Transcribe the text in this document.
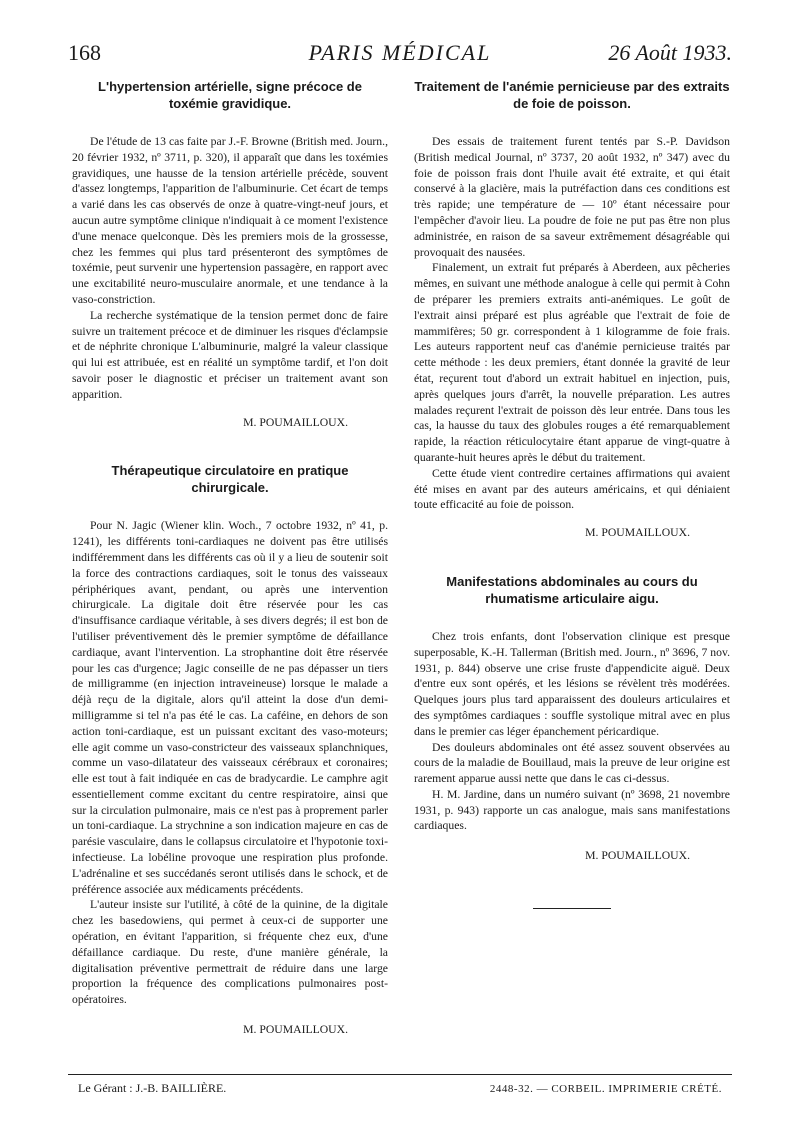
168	PARIS MÉDICAL	26 Août 1933.
L'hypertension artérielle, signe précoce de toxémie gravidique.

De l'étude de 13 cas faite par J.-F. Browne (British med. Journ., 20 février 1932, nº 3711, p. 320), il apparaît que dans les toxémies gravidiques, une hausse de la tension artérielle précède, souvent d'assez longtemps, l'apparition de l'albuminurie. Cet écart de temps a varié dans les cas observés de onze à quatre-vingt-neuf jours, et aucun autre symptôme clinique n'indiquait à ce moment l'existence d'une menace quelconque. Dès les premiers mois de la grossesse, chez les femmes qui plus tard présenteront des symptômes de toxémie, peut survenir une hypertension passagère, en rapport avec une excitabilité neuro-musculaire anormale, et une tendance à la vaso-constriction.

La recherche systématique de la tension permet donc de faire suivre un traitement précoce et de diminuer les risques d'éclampsie et de néphrite chronique L'albuminurie, malgré la valeur classique qui lui est attribuée, est en réalité un symptôme tardif, et l'on doit savoir poser le diagnostic et préciser un traitement avant son apparition.

M. POUMAILLOUX.
Thérapeutique circulatoire en pratique chirurgicale.

Pour N. Jagic (Wiener klin. Woch., 7 octobre 1932, nº 41, p. 1241), les différents toni-cardiaques ne doivent pas être utilisés indifféremment dans les différents cas où il y a lieu de soutenir soit la force des contractions cardiaques, soit le tonus des vaisseaux périphériques avant, pendant, ou après une intervention chirurgicale. La digitale doit être réservée pour les cas d'insuffisance cardiaque véritable, à ses divers degrés; il est bon de l'utiliser préventivement dès le premier symptôme de défaillance cardiaque, avant l'intervention. La strophantine doit être réservée pour les cas d'urgence; Jagic conseille de ne pas dépasser un tiers de milligramme (en injection intraveineuse) lorsque le malade a déjà reçu de la digitale, alors qu'il atteint la dose d'un demi-milligramme si tel n'a pas été le cas. La caféine, en dehors de son action toni-cardiaque, est un puissant excitant des vaso-moteurs; elle agit comme un vaso-constricteur des vaisseaux splanchniques, comme un vaso-dilatateur des vaisseaux cérébraux et coronaires; elle est tout à fait indiquée en cas de bradycardie. Le camphre agit essentiellement comme excitant du centre respiratoire, ainsi que sur la circulation pulmonaire, mais ce n'est pas à proprement parler un toni-cardiaque. La strychnine a son indication majeure en cas de parésie vasculaire, dans le collapsus circulatoire et l'hypotonie toxi-infectieuse. La lobéline provoque une respiration plus profonde. L'adrénaline et ses succédanés seront utilisés dans le schock, et de préférence associée aux médicaments précédents.

L'auteur insiste sur l'utilité, à côté de la quinine, de la digitale chez les basedowiens, qui permet à ceux-ci de supporter une opération, en évitant l'apparition, si fréquente chez eux, d'une défaillance cardiaque. Du reste, d'une manière générale, la digitalisation préventive permettrait de réduire dans une large proportion la fréquence des complications pulmonaires post-opératoires.

M. POUMAILLOUX.
Traitement de l'anémie pernicieuse par des extraits de foie de poisson.

Des essais de traitement furent tentés par S.-P. Davidson (British medical Journal, nº 3737, 20 août 1932, nº 347) avec du foie de poisson frais dont l'huile avait été extraite, et qui était conservé à la glacière, mais la putréfaction dans ces conditions est très rapide; une température de — 10º étant nécessaire pour l'empêcher d'avoir lieu. La poudre de foie ne put pas être non plus administrée, en raison de sa saveur extrêmement désagréable qui provoquait des nausées.

Finalement, un extrait fut préparés à Aberdeen, aux pêcheries mêmes, en suivant une méthode analogue à celle qui permit à Cohn de préparer les premiers extraits anti-anémiques. Le goût de l'extrait ainsi préparé est plus agréable que l'extrait de foie de mammifères; 50 gr. correspondent à 1 kilogramme de foie frais. Les auteurs rapportent neuf cas d'anémie pernicieuse traités par cette méthode : les deux premiers, étant donnée la gravité de leur état, reçurent tout d'abord un extrait habituel en injection, puis, après quelques jours d'arrêt, la nouvelle préparation. Les autres malades reçurent l'extrait de poisson dès leur entrée. Dans tous les cas, la hausse du taux des globules rouges a été remarquablement rapide, la réaction réticulocytaire étant apparue de vingt-quatre à quarante-huit heures après le début du traitement.

Cette étude vient contredire certaines affirmations qui avaient été mises en avant par des auteurs américains, et qui déniaient toute efficacité au foie de poisson.

M. POUMAILLOUX.
Manifestations abdominales au cours du rhumatisme articulaire aigu.

Chez trois enfants, dont l'observation clinique est presque superposable, K.-H. Tallerman (British med. Journ., nº 3696, 7 nov. 1931, p. 844) observe une crise fruste d'appendicite aiguë. Deux d'entre eux sont opérés, et les lésions se révèlent très modérées. Quelques jours plus tard apparaissent des douleurs articulaires et des symptômes cardiaques : souffle systolique mitral avec en plus dans le premier cas léger épanchement péricardique.

Des douleurs abdominales ont été assez souvent observées au cours de la maladie de Bouillaud, mais la preuve de leur origine est rarement apparue aussi nette que dans le cas ci-dessus.

H. M. Jardine, dans un numéro suivant (nº 3698, 21 novembre 1931, p. 943) rapporte un cas analogue, mais sans manifestations cardiaques.

M. POUMAILLOUX.
Le Gérant : J.-B. BAILLIÈRE.	2448-32. — CORBEIL. IMPRIMERIE CRÉTÉ.
